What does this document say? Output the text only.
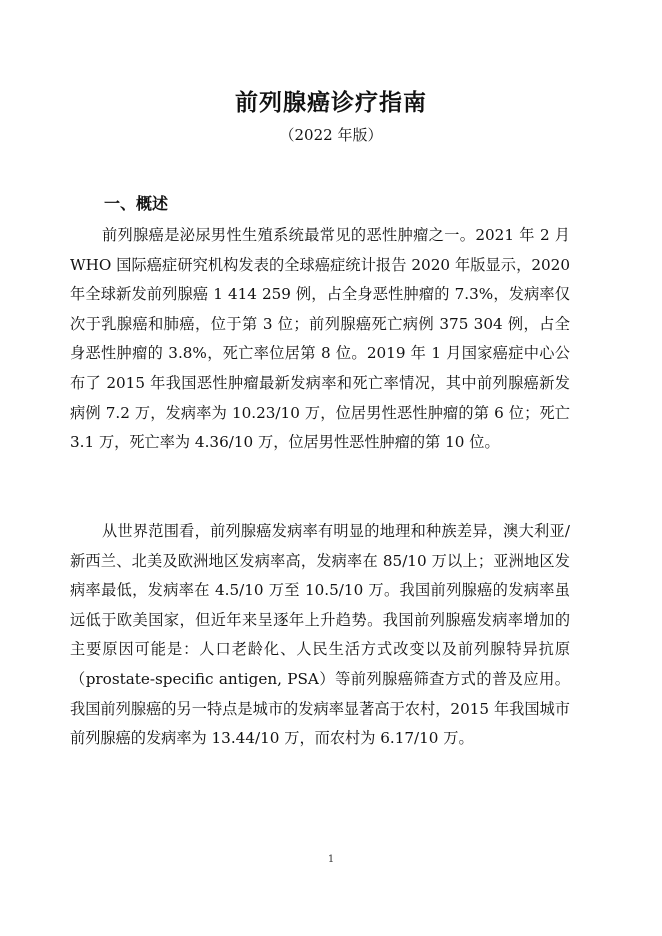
前列腺癌诊疗指南
（2022 年版）
一、概述

前列腺癌是泌尿男性生殖系统最常见的恶性肿瘤之一。2021 年 2 月 WHO 国际癌症研究机构发表的全球癌症统计报告 2020 年版显示，2020 年全球新发前列腺癌 1 414 259 例，占全身恶性肿瘤的 7.3%，发病率仅次于乳腺癌和肺癌，位于第 3 位；前列腺癌死亡病例 375 304 例，占全身恶性肿瘤的 3.8%，死亡率位居第 8 位。2019 年 1 月国家癌症中心公布了 2015 年我国恶性肿瘤最新发病率和死亡率情况，其中前列腺癌新发病例 7.2 万，发病率为 10.23/10 万，位居男性恶性肿瘤的第 6 位；死亡 3.1 万，死亡率为 4.36/10 万，位居男性恶性肿瘤的第 10 位。

从世界范围看，前列腺癌发病率有明显的地理和种族差异，澳大利亚/新西兰、北美及欧洲地区发病率高，发病率在 85/10 万以上；亚洲地区发病率最低，发病率在 4.5/10 万至 10.5/10 万。我国前列腺癌的发病率虽远低于欧美国家，但近年来呈逐年上升趋势。我国前列腺癌发病率增加的主要原因可能是：人口老龄化、人民生活方式改变以及前列腺特异抗原（prostate-specific antigen, PSA）等前列腺癌筛查方式的普及应用。我国前列腺癌的另一特点是城市的发病率显著高于农村，2015 年我国城市前列腺癌的发病率为 13.44/10 万，而农村为 6.17/10 万。

1
